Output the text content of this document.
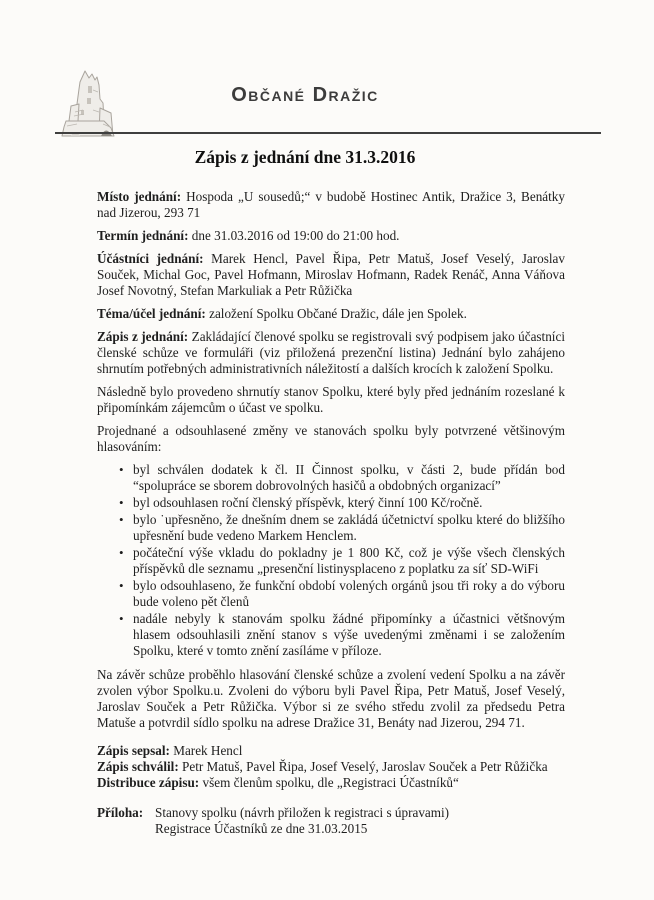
Občané Dražic
Zápis z jednání dne 31.3.2016

Místo jednání: Hospoda „U sousedů;“ v budobě Hostinec Antik, Dražice 3, Benátky nad Jizerou, 293 71

Termín jednání: dne 31.03.2016 od 19:00 do 21:00 hod.

Účástníci jednání: Marek Hencl, Pavel Řipa, Petr Matuš, Josef Veselý, Jaroslav Souček, Michal Goc, Pavel Hofmann, Miroslav Hofmann, Radek Renáč, Anna Váňova Josef Novotný, Stefan Markuliak a Petr Růžička

Téma/účel jednání: založení Spolku Občané Dražic, dále jen Spolek.

Zápis z jednání: Zakládající členové spolku se registrovali svý podpisem jako účastníci členské schůze ve formuláři (viz přiložená prezenční listina) Jednání bylo zahájeno shrnutím potřebných administrativních náležitostí a dalších krocích k založení Spolku.

Následně bylo provedeno shrnutíy stanov Spolku, které byly před jednáním rozeslané k připomínkám zájemcům o účast ve spolku.

Projednané a odsouhlasené změny ve stanovách spolku byly potvrzené většinovým hlasováním:

• byl schválen dodatek k čl. II Činnost spolku, v části 2, bude přídán bod “spolupráce se sborem dobrovolných hasičů a obdobných organizací”
• byl odsouhlasen roční členský příspěvk, který činní 100 Kč/ročně.
• bylo ˙upřesněno, že dnešním dnem se zakládá účetnictví spolku které do bližšího upřesnění bude vedeno Markem Henclem.
• počáteční výše vkladu do pokladny je 1 800 Kč, což je výše všech členských příspěvků dle seznamu „presenční listinysplaceno z poplatku za síť SD-WiFi
• bylo odsouhlaseno, že funkční období volených orgánů jsou tři roky a do výboru bude voleno pět členů
• nadále nebyly k stanovám spolku žádné připomínky a účastnici většnovým hlasem odsouhlasili znění stanov s výše uvedenými změnami i se založením Spolku, které v tomto znění zasíláme v příloze.

Na závěr schůze proběhlo hlasování členské schůze a zvolení vedení Spolku a na závěr zvolen výbor Spolku.u. Zvoleni do výboru byli Pavel Řipa, Petr Matuš, Josef Veselý, Jaroslav Souček a Petr Růžička. Výbor si ze svého středu zvolil za předsedu Petra Matuše a potvrdil sídlo spolku na adrese Dražice 31, Benáty nad Jizerou, 294 71.

Zápis sepsal: Marek Hencl
Zápis schválil: Petr Matuš, Pavel Řipa, Josef Veselý, Jaroslav Souček a Petr Růžička
Distribuce zápisu: všem členům spolku, dle „Registraci Účastníků“
Příloha: Stanovy spolku (návrh přiložen k registraci s úpravami)
Registrace Účastníků ze dne 31.03.2015
